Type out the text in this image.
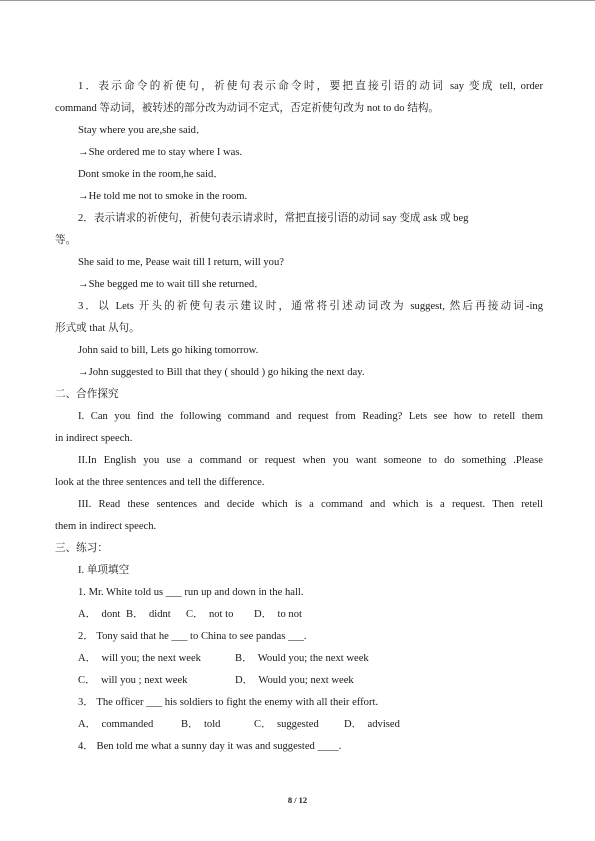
1．表示命令的祈使句，祈使句表示命令时，要把直接引语的动词 say 变成 tell, order
command 等动词，被转述的部分改为动词不定式，否定祈使句改为 not to do 结构。
Stay where you are,she said．
→She ordered me to stay where I was.
Dont smoke in the room,he said．
→He told me not to smoke in the room.
2．表示请求的祈使句，祈使句表示请求时，常把直接引语的动词 say 变成 ask 或 beg
等。
She said to me, Pease wait till I return, will you?
→She begged me to wait till she returned．
3．以 Lets 开头的祈使句表示建议时，通常将引述动词改为 suggest, 然后再接动词-ing
形式或 that 从句。
John said to bill, Lets go hiking tomorrow.
→John suggested to Bill that they ( should ) go hiking the next day.
二、合作探究
I. Can you find the following command and request from Reading? Lets see how to retell them
in indirect speech.
II.In English you use a command or request when you want someone to do something .Please
look at the three sentences and tell the difference.
III. Read these sentences and decide which is a command and which is a request. Then retell
them in indirect speech.
三、练习：
I. 单项填空
1. Mr. White told us ___ run up and down in the hall.
A．  dont B．  didnt	C．  not to	D．  to not
2． Tony said that he ___ to China to see pandas ___.
A．  will you; the next week	B．  Would you; the next week
C．  will you ; next week	D．  Would you; next week
3． The officer ___ his soldiers to fight the enemy with all their effort.
A．  commanded	B．  told	C．  suggested	D．  advised
4． Ben told me what a sunny day it was and suggested ____.
8 / 12
